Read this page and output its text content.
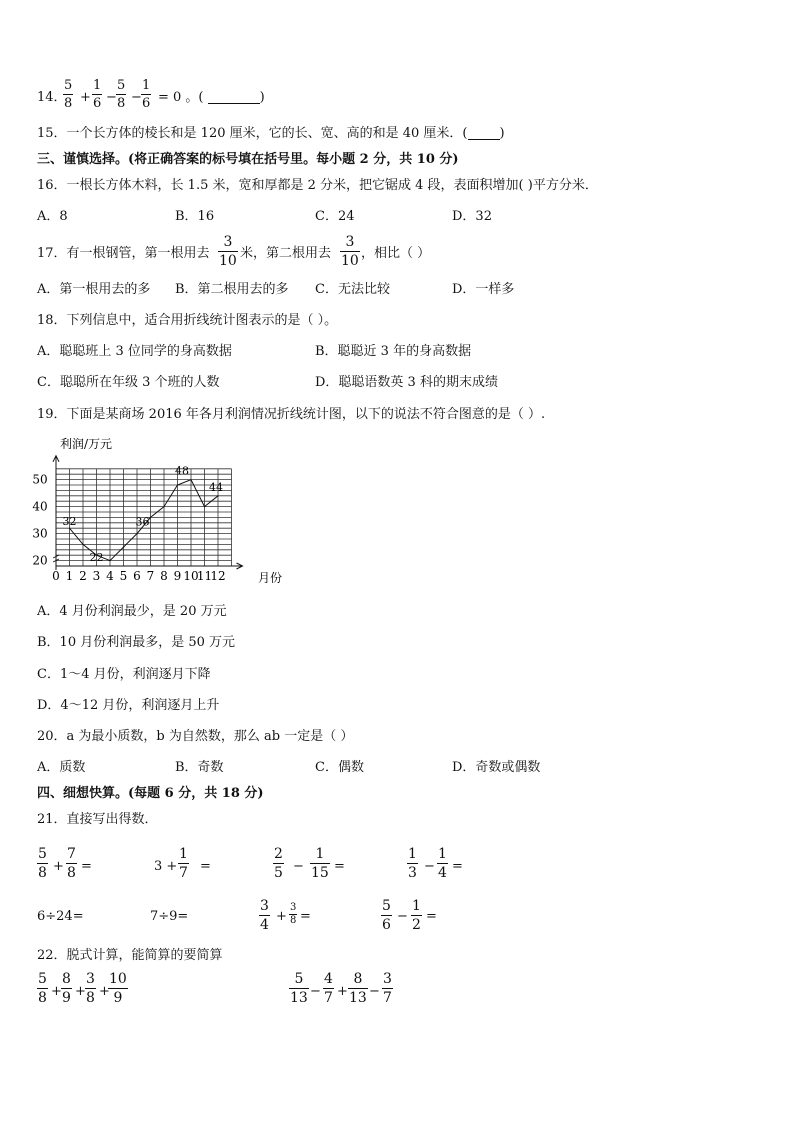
14．
5
8 +
1
6 −
5
8 −
1
6 = 0 。(	)
15．一个长方体的棱长和是 120 厘米，它的长、宽、高的和是 40 厘米．( )
三、谨慎选择。(将正确答案的标号填在括号里。每小题 2 分，共 10 分)
16．一根长方体木料，长 1.5 米，宽和厚都是 2 分米，把它锯成 4 段，表面积增加( )平方分米．
A．8	B．16	C．24	D．32
17．有一根钢管，第一根用去
3
10 米，第二根用去
3
10 ，相比（ ）
A．第一根用去的多 B．第二根用去的多 C．无法比较	D．一样多
18．下列信息中，适合用折线统计图表示的是（ ）。
A．聪聪班上 3 位同学的身高数据	B．聪聪近 3 年的身高数据
C．聪聪所在年级 3 个班的人数	D．聪聪语数英 3 科的期末成绩
19．下面是某商场 2016 年各月利润情况折线统计图，以下的说法不符合图意的是（ ）.
0 1 2 3 4 5 6 7 8 9 10
11
12
20
30
40
50
32
22
36
48
44
利润/万元
月份
A．4 月份利润最少，是 20 万元
B．10 月份利润最多，是 50 万元
C．1～4 月份，利润逐月下降
D．4～12 月份，利润逐月上升
20．a 为最小质数，b 为自然数，那么 ab 一定是（ ）
A．质数	B．奇数	C．偶数	D．奇数或偶数
四、细想快算。(每题 6 分，共 18 分)
21．直接写出得数．
5
8 +
7
8 =	3 +
1
7 =
2
5 −
1
15 =
1
3 −
1
4 =
6÷24=	7÷9=
3
4
+
3
8 =
5
6
−
1
2
=
22．脱式计算，能简算的要简算
5
8 +
8
9 +
3
8 +
10
9
5
13 −
4
7 +
8
13 −
3
7
